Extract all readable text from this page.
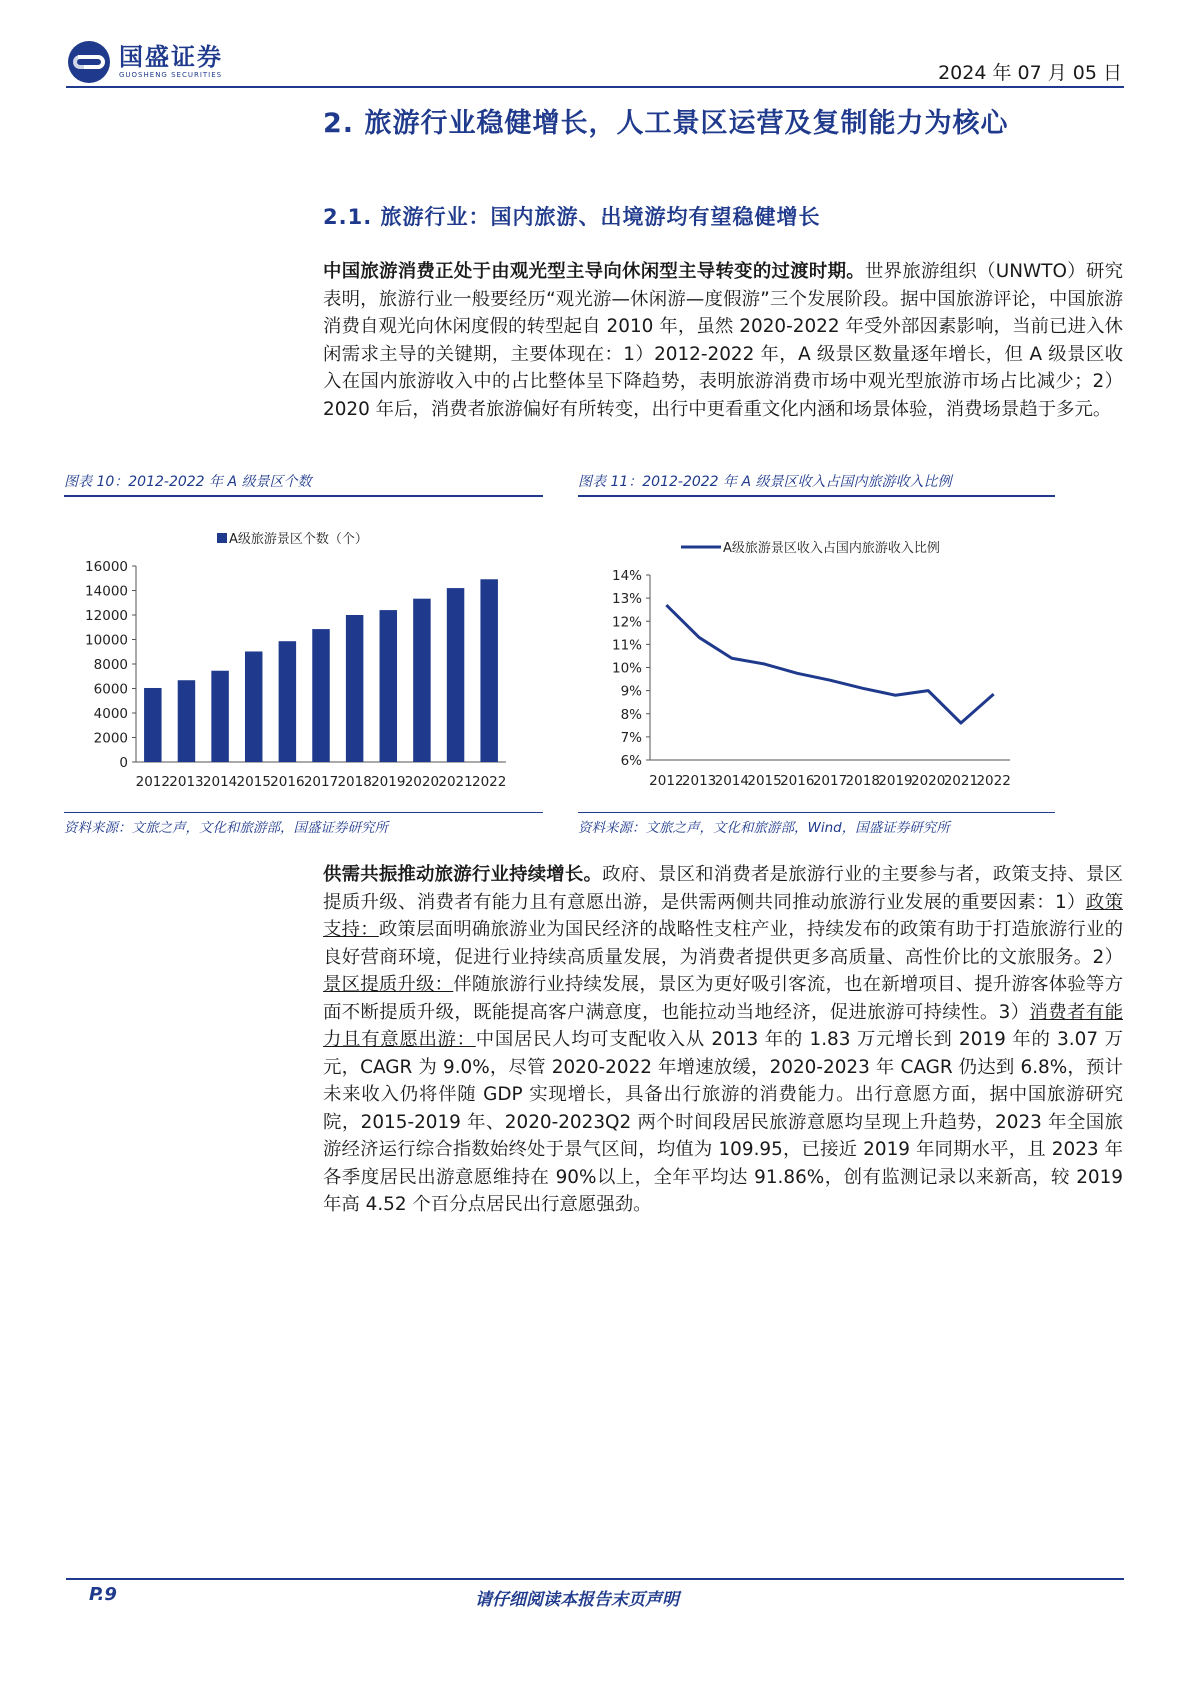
国盛证券
GUOSHENG SECURITIES	2024 年 07 月 05 日
2. 旅游行业稳健增长，人工景区运营及复制能力为核心
2.1. 旅游行业：国内旅游、出境游均有望稳健增长
中国旅游消费正处于由观光型主导向休闲型主导转变的过渡时期。世界旅游组织（UNWTO）研究表明，旅游行业一般要经历“观光游—休闲游—度假游”三个发展阶段。据中国旅游评论，中国旅游消费自观光向休闲度假的转型起自 2010 年，虽然 2020-2022 年受外部因素影响，当前已进入休闲需求主导的关键期，主要体现在：1）2012-2022 年，A 级景区数量逐年增长，但 A 级景区收入在国内旅游收入中的占比整体呈下降趋势，表明旅游消费市场中观光型旅游市场占比减少；2）2020 年后，消费者旅游偏好有所转变，出行中更看重文化内涵和场景体验，消费场景趋于多元。
图表 10：2012-2022 年 A 级景区个数
0
2000
4000
6000
8000
10000
12000
14000
16000
2012 2013 2014 2015 2016 2017 2018 2019 2020 2021 2022
A级旅游景区个数（个）
资料来源：文旅之声，文化和旅游部，国盛证券研究所
图表 11：2012-2022 年 A 级景区收入占国内旅游收入比例
6%
7%
8%
9%
10%
11%
12%
13%
14%
2012
2013
2014
2015
2016
2017
2018
2019
2020
2021
2022
A级旅游景区收入占国内旅游收入比例
资料来源：文旅之声，文化和旅游部，Wind，国盛证券研究所
供需共振推动旅游行业持续增长。政府、景区和消费者是旅游行业的主要参与者，政策支持、景区提质升级、消费者有能力且有意愿出游，是供需两侧共同推动旅游行业发展的重要因素：1）政策支持：政策层面明确旅游业为国民经济的战略性支柱产业，持续发布的政策有助于打造旅游行业的良好营商环境，促进行业持续高质量发展，为消费者提供更多高质量、高性价比的文旅服务。2）景区提质升级：伴随旅游行业持续发展，景区为更好吸引客流，也在新增项目、提升游客体验等方面不断提质升级，既能提高客户满意度，也能拉动当地经济，促进旅游可持续性。3）消费者有能力且有意愿出游：中国居民人均可支配收入从 2013 年的 1.83 万元增长到 2019 年的 3.07 万元，CAGR 为 9.0%，尽管 2020-2022 年增速放缓，2020-2023 年 CAGR 仍达到 6.8%，预计未来收入仍将伴随 GDP 实现增长，具备出行旅游的消费能力。出行意愿方面，据中国旅游研究院，2015-2019 年、2020-2023Q2 两个时间段居民旅游意愿均呈现上升趋势，2023 年全国旅游经济运行综合指数始终处于景气区间，均值为 109.95，已接近 2019 年同期水平，且 2023 年各季度居民出游意愿维持在 90%以上，全年平均达 91.86%，创有监测记录以来新高，较 2019 年高 4.52 个百分点居民出行意愿强劲。
P.9	请仔细阅读本报告末页声明
